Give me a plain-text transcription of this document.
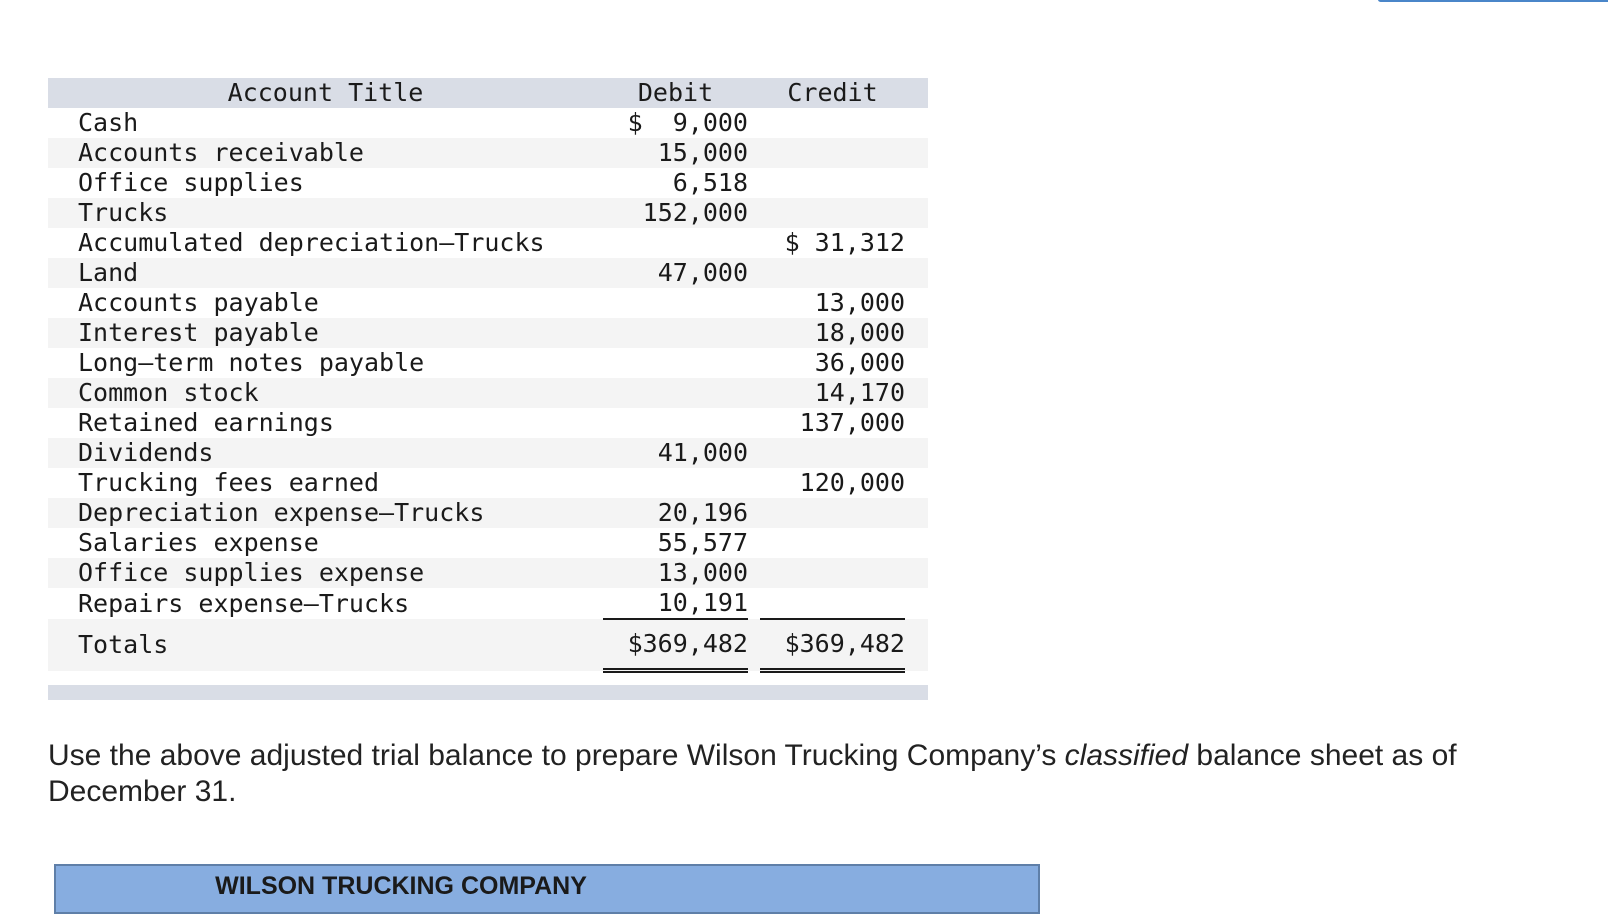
Account Title	Debit		Credit	
Cash	$  9,000			
Accounts receivable	15,000			
Office supplies	6,518			
Trucks	152,000			
Accumulated depreciation—Trucks			$ 31,312	
Land	47,000			
Accounts payable			13,000	
Interest payable			18,000	
Long—term notes payable			36,000	
Common stock			14,170	
Retained earnings			137,000	
Dividends	41,000			
Trucking fees earned			120,000	
Depreciation expense—Trucks	20,196			
Salaries expense	55,577			
Office supplies expense	13,000			
Repairs expense—Trucks	10,191			
Totals	$369,482		$369,482	
Use the above adjusted trial balance to prepare Wilson Trucking Company’s classified balance sheet as of December 31.
WILSON TRUCKING COMPANY
